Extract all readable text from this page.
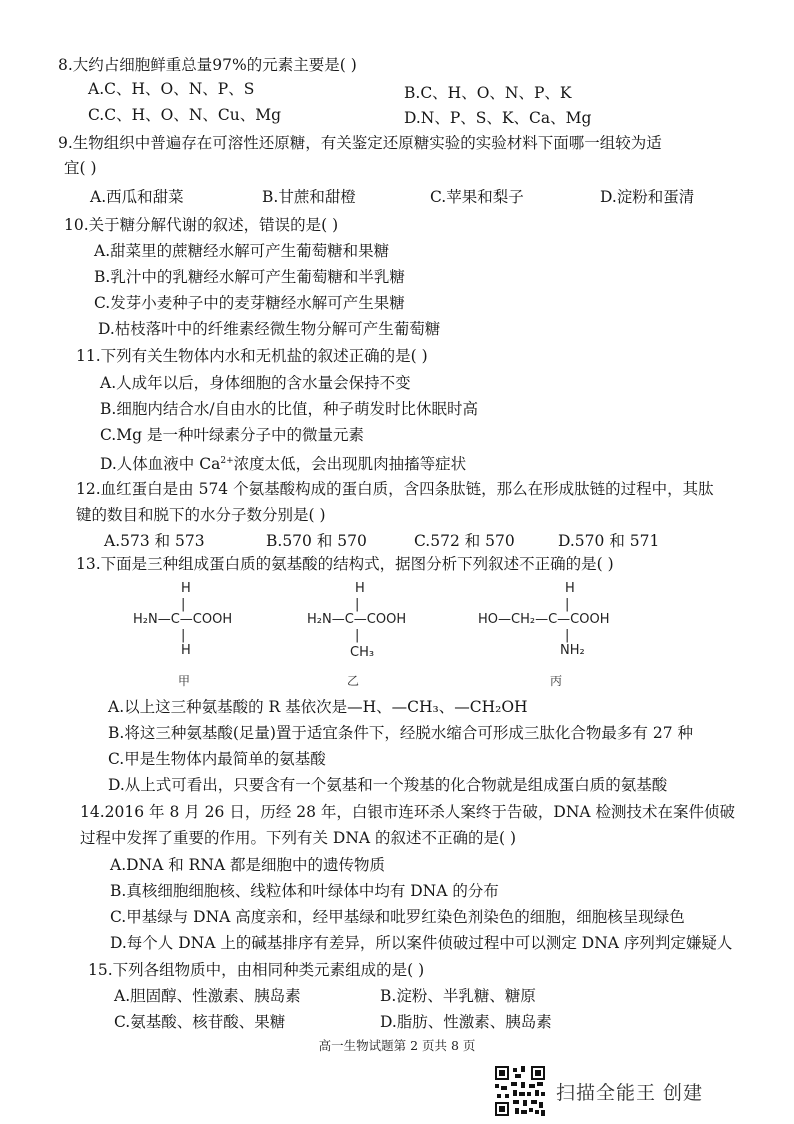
8.大约占细胞鲜重总量97%的元素主要是( )
A.C、H、O、N、P、S	B.C、H、O、N、P、K
C.C、H、O、N、Cu、Mg	D.N、P、S、K、Ca、Mg
9.生物组织中普遍存在可溶性还原糖，有关鉴定还原糖实验的实验材料下面哪一组较为适
宜( )
A.西瓜和甜菜	B.甘蔗和甜橙	C.苹果和梨子	D.淀粉和蛋清
10.关于糖分解代谢的叙述，错误的是( )
A.甜菜里的蔗糖经水解可产生葡萄糖和果糖
B.乳汁中的乳糖经水解可产生葡萄糖和半乳糖
C.发芽小麦种子中的麦芽糖经水解可产生果糖
D.枯枝落叶中的纤维素经微生物分解可产生葡萄糖
11.下列有关生物体内水和无机盐的叙述正确的是( )
A.人成年以后，身体细胞的含水量会保持不变
B.细胞内结合水/自由水的比值，种子萌发时比休眠时高
C.Mg 是一种叶绿素分子中的微量元素
D.人体血液中 $Ca^{2+}$浓度太低，会出现肌肉抽搐等症状
12.血红蛋白是由 574 个氨基酸构成的蛋白质，含四条肽链，那么在形成肽链的过程中，其肽
键的数目和脱下的水分子数分别是( )
A.573 和 573	B.570 和 570	C.572 和 570	D.570 和 571
13.下面是三种组成蛋白质的氨基酸的结构式，据图分析下列叙述不正确的是( )
H
|
H₂N—C—COOH
|
H
甲
H
|
H₂N—C—COOH
|
CH₃
乙
H
|
HO—CH₂—C—COOH
|
NH₂
丙
A.以上这三种氨基酸的 R 基依次是—H、—CH₃、—CH₂OH
B.将这三种氨基酸(足量)置于适宜条件下，经脱水缩合可形成三肽化合物最多有 27 种
C.甲是生物体内最简单的氨基酸
D.从上式可看出，只要含有一个氨基和一个羧基的化合物就是组成蛋白质的氨基酸
14.2016 年 8 月 26 日，历经 28 年，白银市连环杀人案终于告破，DNA 检测技术在案件侦破
过程中发挥了重要的作用。下列有关 DNA 的叙述不正确的是( )
A.DNA 和 RNA 都是细胞中的遗传物质
B.真核细胞细胞核、线粒体和叶绿体中均有 DNA 的分布
C.甲基绿与 DNA 高度亲和，经甲基绿和吡罗红染色剂染色的细胞，细胞核呈现绿色
D.每个人 DNA 上的碱基排序有差异，所以案件侦破过程中可以测定 DNA 序列判定嫌疑人
15.下列各组物质中，由相同种类元素组成的是( )
A.胆固醇、性激素、胰岛素	B.淀粉、半乳糖、糖原
C.氨基酸、核苷酸、果糖	D.脂肪、性激素、胰岛素
高一生物试题第 2 页共 8 页
扫描全能王 创建
